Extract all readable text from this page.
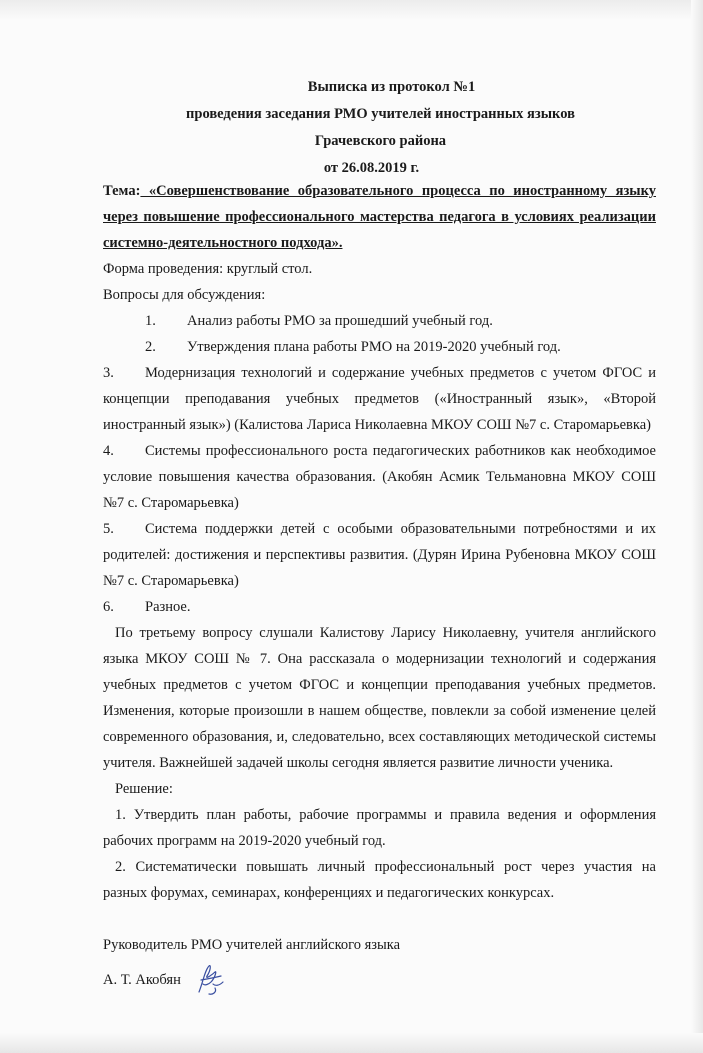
Выписка из протокол №1
проведения заседания РМО учителей иностранных языков
Грачевского района
от 26.08.2019 г.
Тема: «Совершенствование образовательного процесса по иностранному языку через повышение профессионального мастерства педагога в условиях реализации системно-деятельностного подхода».
Форма проведения: круглый стол.
Вопросы для обсуждения:
1. Анализ работы РМО за прошедший учебный год.
2. Утверждения плана работы РМО на 2019-2020 учебный год.
3. Модернизация технологий и содержание учебных предметов с учетом ФГОС и концепции преподавания учебных предметов («Иностранный язык», «Второй иностранный язык») (Калистова Лариса Николаевна МКОУ СОШ №7 с. Старомарьевка)
4. Системы профессионального роста педагогических работников как необходимое условие повышения качества образования. (Акобян Асмик Тельмановна МКОУ СОШ №7 с. Старомарьевка)
5. Система поддержки детей с особыми образовательными потребностями и их родителей: достижения и перспективы развития. (Дурян Ирина Рубеновна МКОУ СОШ №7 с. Старомарьевка)
6. Разное.
По третьему вопросу слушали Калистову Ларису Николаевну, учителя английского языка МКОУ СОШ № 7. Она рассказала о модернизации технологий и содержания учебных предметов с учетом ФГОС и концепции преподавания учебных предметов. Изменения, которые произошли в нашем обществе, повлекли за собой изменение целей современного образования, и, следовательно, всех составляющих методической системы учителя. Важнейшей задачей школы сегодня является развитие личности ученика.
Решение:
1. Утвердить план работы, рабочие программы и правила ведения и оформления рабочих программ на 2019-2020 учебный год.
2. Систематически повышать личный профессиональный рост через участия на разных форумах, семинарах, конференциях и педагогических конкурсах.
Руководитель РМО учителей английского языка
А. Т. Акобян
